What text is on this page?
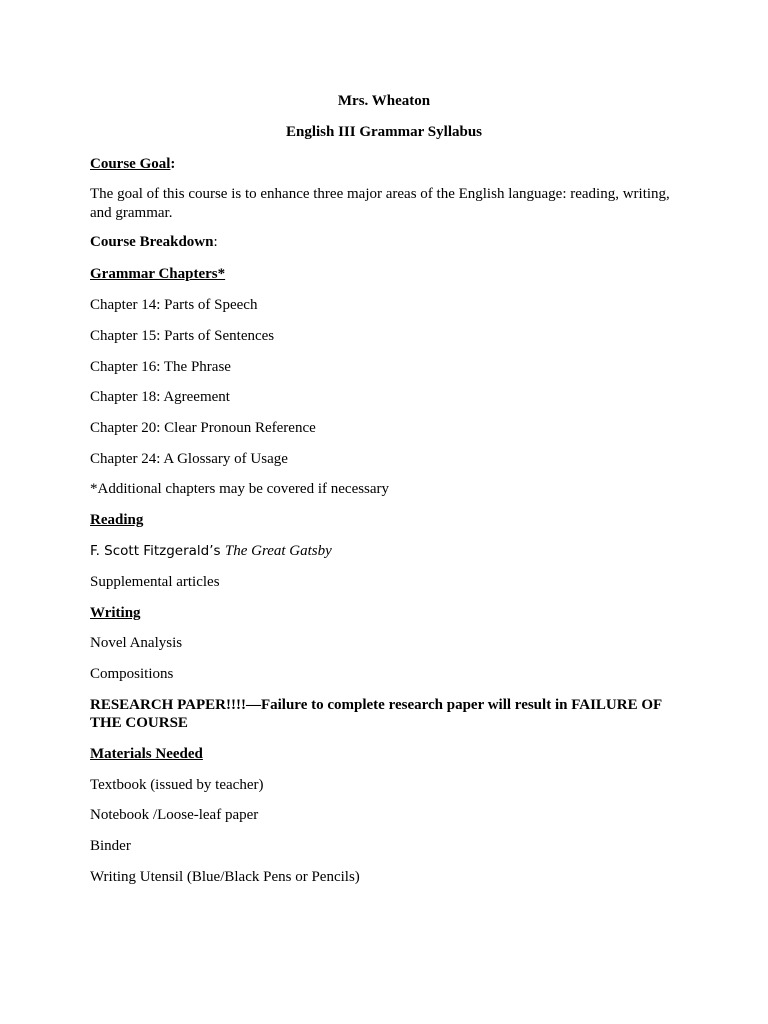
Mrs. Wheaton

English III Grammar Syllabus

Course Goal:

The goal of this course is to enhance three major areas of the English language: reading, writing,

and grammar.

Course Breakdown:

Grammar Chapters*

Chapter 14: Parts of Speech

Chapter 15: Parts of Sentences

Chapter 16: The Phrase

Chapter 18: Agreement

Chapter 20: Clear Pronoun Reference

Chapter 24: A Glossary of Usage

*Additional chapters may be covered if necessary

Reading

F. Scott Fitzgerald’s The Great Gatsby

Supplemental articles

Writing

Novel Analysis

Compositions

RESEARCH PAPER!!!!—Failure to complete research paper will result in FAILURE OF

THE COURSE

Materials Needed

Textbook (issued by teacher)

Notebook /Loose-leaf paper

Binder

Writing Utensil (Blue/Black Pens or Pencils)
